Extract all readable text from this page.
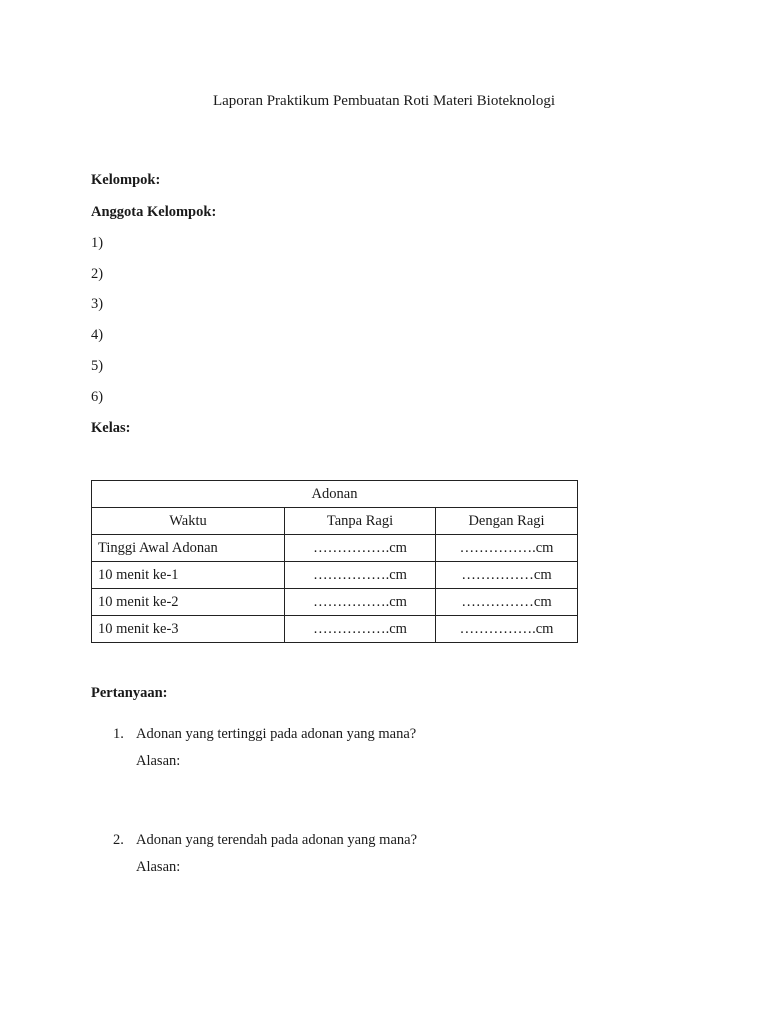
Laporan Praktikum Pembuatan Roti Materi Bioteknologi
Kelompok:
Anggota Kelompok:
1)
2)
3)
4)
5)
6)
Kelas:
Adonan		
Waktu	Tanpa Ragi	Dengan Ragi
Tinggi Awal Adonan	…………….cm	…………….cm
10 menit ke-1	…………….cm	……………cm
10 menit ke-2	…………….cm	……………cm
10 menit ke-3	…………….cm	…………….cm
Pertanyaan:
1. Adonan yang tertinggi pada adonan yang mana?
Alasan:
2. Adonan yang terendah pada adonan yang mana?
Alasan:
